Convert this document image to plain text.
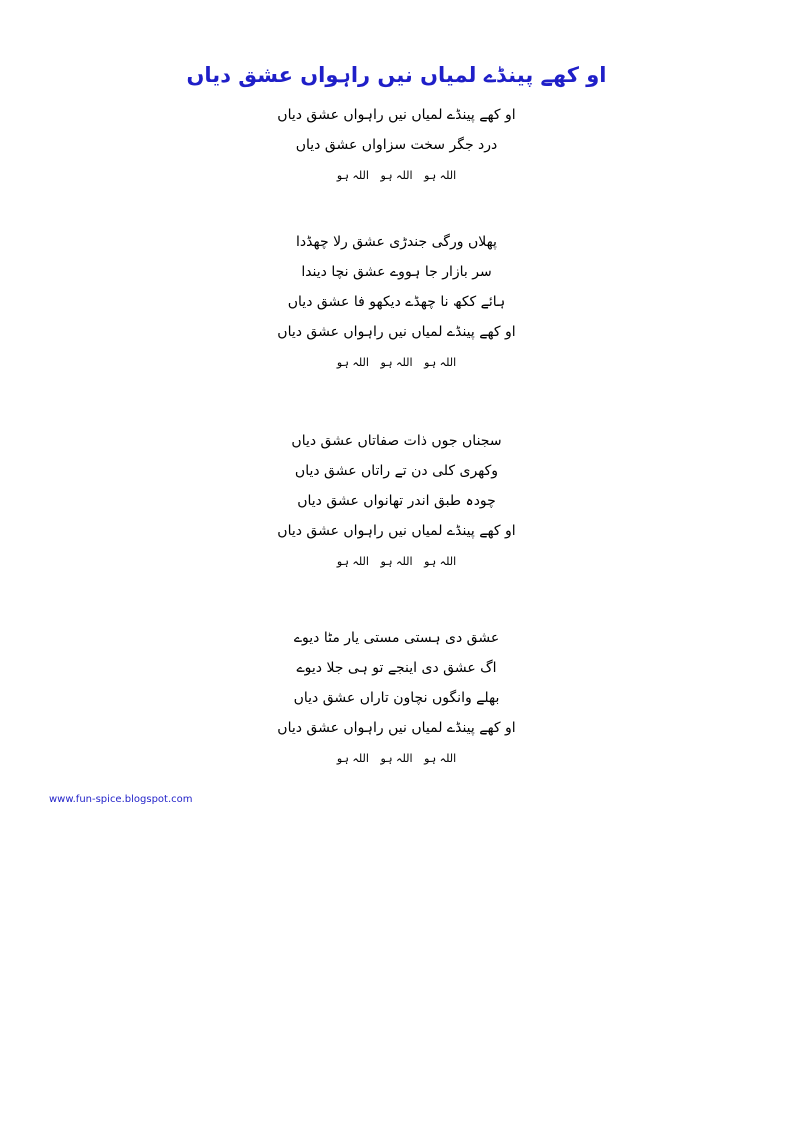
او کھے پینڈے لمیاں نیں راہواں عشق دیاں
او کھے پینڈے لمیاں نیں راہواں عشق دیاں
درد جگر سخت سزاواں عشق دیاں
اللہ ہو اللہ ہو اللہ ہو
پھلاں ورگی جندڑی عشق رلا چھڈدا
سر بازار جا ہووے عشق نچا دیندا
ہائے ککھ نا چھڈے دیکھو فا عشق دیاں
او کھے پینڈے لمیاں نیں راہواں عشق دیاں
اللہ ہو اللہ ہو اللہ ہو
سجناں جوں ذات صفاتاں عشق دیاں
وکھری کلی دن تے راتاں عشق دیاں
چودہ طبق اندر تھانواں عشق دیاں
او کھے پینڈے لمیاں نیں راہواں عشق دیاں
اللہ ہو اللہ ہو اللہ ہو
عشق دی ہستی مستی یار مٹا دیوے
اگ عشق دی اینجے تو ہی جلا دیوے
بھلے وانگوں نچاون تاراں عشق دیاں
او کھے پینڈے لمیاں نیں راہواں عشق دیاں
اللہ ہو اللہ ہو اللہ ہو
www.fun-spice.blogspot.com
